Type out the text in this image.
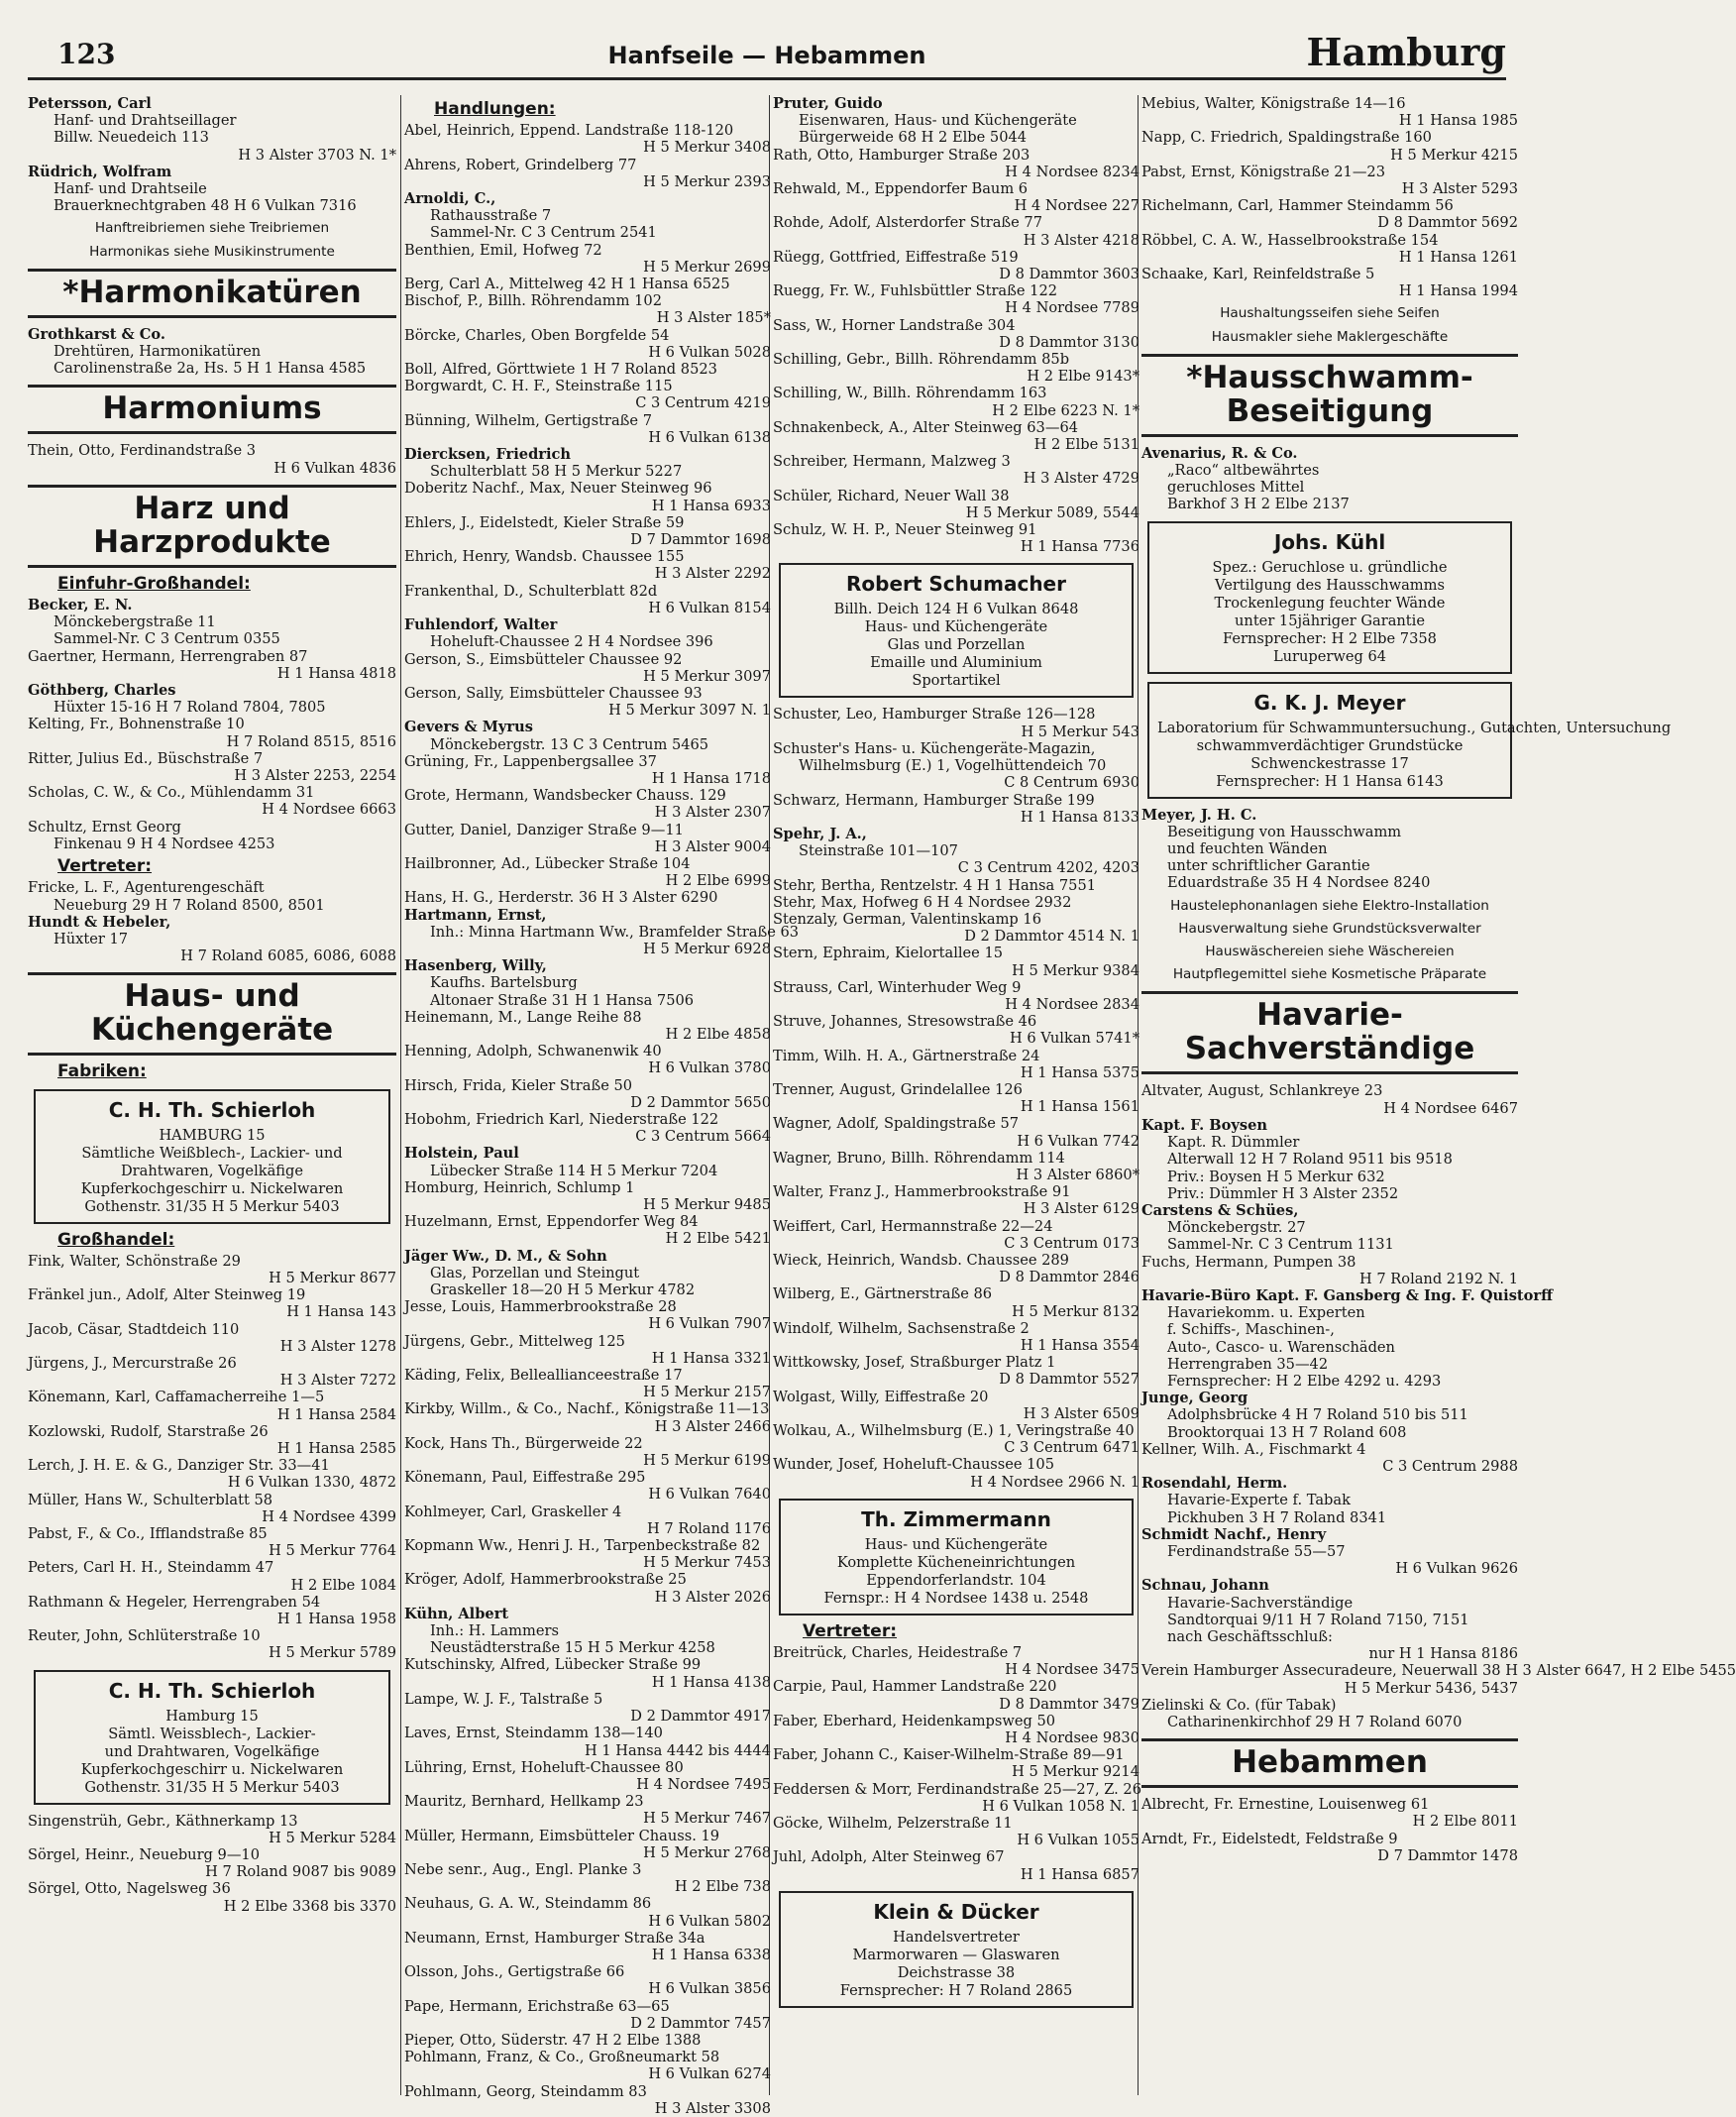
123	Hanfseile — Hebammen	Hamburg
Petersson, Carl
Hanf- und Drahtseillager
Billw. Neuedeich 113
H 3 Alster 3703 N. 1*
Rüdrich, Wolfram
Hanf- und Drahtseile
Brauerknechtgraben 48 H 6 Vulkan 7316
Hanftreibriemen siehe Treibriemen
Harmonikas siehe Musikinstrumente
*Harmonikatüren
Grothkarst & Co.
Drehtüren, Harmonikatüren
Carolinenstraße 2a, Hs. 5 H 1 Hansa 4585
Harmoniums
Thein, Otto, Ferdinandstraße 3
H 6 Vulkan 4836
Harz und
Harzprodukte
Einfuhr-Großhandel:
Becker, E. N.
Mönckebergstraße 11
Sammel-Nr. C 3 Centrum 0355
Gaertner, Hermann, Herrengraben 87
H 1 Hansa 4818
Göthberg, Charles
Hüxter 15-16 H 7 Roland 7804, 7805
Kelting, Fr., Bohnenstraße 10
H 7 Roland 8515, 8516
Ritter, Julius Ed., Büschstraße 7
H 3 Alster 2253, 2254
Scholas, C. W., & Co., Mühlendamm 31
H 4 Nordsee 6663
Schultz, Ernst Georg
Finkenau 9 H 4 Nordsee 4253
Vertreter:
Fricke, L. F., Agenturengeschäft
Neueburg 29 H 7 Roland 8500, 8501
Hundt & Hebeler,
Hüxter 17
H 7 Roland 6085, 6086, 6088
Haus- und
Küchengeräte
Fabriken:
C. H. Th. Schierloh
HAMBURG 15
Sämtliche Weißblech-, Lackier- und
Drahtwaren, Vogelkäfige
Kupferkochgeschirr u. Nickelwaren
Gothenstr. 31/35 H 5 Merkur 5403
Großhandel:
Fink, Walter, Schönstraße 29
H 5 Merkur 8677
Fränkel jun., Adolf, Alter Steinweg 19
H 1 Hansa 143
Jacob, Cäsar, Stadtdeich 110
H 3 Alster 1278
Jürgens, J., Mercurstraße 26
H 3 Alster 7272
Könemann, Karl, Caffamacherreihe 1—5
H 1 Hansa 2584
Kozlowski, Rudolf, Starstraße 26
H 1 Hansa 2585
Lerch, J. H. E. & G., Danziger Str. 33—41
H 6 Vulkan 1330, 4872
Müller, Hans W., Schulterblatt 58
H 4 Nordsee 4399
Pabst, F., & Co., Ifflandstraße 85
H 5 Merkur 7764
Peters, Carl H. H., Steindamm 47
H 2 Elbe 1084
Rathmann & Hegeler, Herrengraben 54
H 1 Hansa 1958
Reuter, John, Schlüterstraße 10
H 5 Merkur 5789
C. H. Th. Schierloh
Hamburg 15
Sämtl. Weissblech-, Lackier-
und Drahtwaren, Vogelkäfige
Kupferkochgeschirr u. Nickelwaren
Gothenstr. 31/35 H 5 Merkur 5403
Singenstrüh, Gebr., Käthnerkamp 13
H 5 Merkur 5284
Sörgel, Heinr., Neueburg 9—10
H 7 Roland 9087 bis 9089
Sörgel, Otto, Nagelsweg 36
H 2 Elbe 3368 bis 3370
Handlungen:
Abel, Heinrich, Eppend. Landstraße 118-120
H 5 Merkur 3408
Ahrens, Robert, Grindelberg 77
H 5 Merkur 2393
Arnoldi, C.,
Rathausstraße 7
Sammel-Nr. C 3 Centrum 2541
Benthien, Emil, Hofweg 72
H 5 Merkur 2699
Berg, Carl A., Mittelweg 42 H 1 Hansa 6525
Bischof, P., Billh. Röhrendamm 102
H 3 Alster 185*
Börcke, Charles, Oben Borgfelde 54
H 6 Vulkan 5028
Boll, Alfred, Görttwiete 1 H 7 Roland 8523
Borgwardt, C. H. F., Steinstraße 115
C 3 Centrum 4219
Bünning, Wilhelm, Gertigstraße 7
H 6 Vulkan 6138
Diercksen, Friedrich
Schulterblatt 58 H 5 Merkur 5227
Doberitz Nachf., Max, Neuer Steinweg 96
H 1 Hansa 6933
Ehlers, J., Eidelstedt, Kieler Straße 59
D 7 Dammtor 1698
Ehrich, Henry, Wandsb. Chaussee 155
H 3 Alster 2292
Frankenthal, D., Schulterblatt 82d
H 6 Vulkan 8154
Fuhlendorf, Walter
Hoheluft-Chaussee 2 H 4 Nordsee 396
Gerson, S., Eimsbütteler Chaussee 92
H 5 Merkur 3097
Gerson, Sally, Eimsbütteler Chaussee 93
H 5 Merkur 3097 N. 1
Gevers & Myrus
Mönckebergstr. 13 C 3 Centrum 5465
Grüning, Fr., Lappenbergsallee 37
H 1 Hansa 1718
Grote, Hermann, Wandsbecker Chauss. 129
H 3 Alster 2307
Gutter, Daniel, Danziger Straße 9—11
H 3 Alster 9004
Hailbronner, Ad., Lübecker Straße 104
H 2 Elbe 6999
Hans, H. G., Herderstr. 36 H 3 Alster 6290
Hartmann, Ernst,
Inh.: Minna Hartmann Ww., Bramfelder Straße 63
H 5 Merkur 6928
Hasenberg, Willy,
Kaufhs. Bartelsburg
Altonaer Straße 31 H 1 Hansa 7506
Heinemann, M., Lange Reihe 88
H 2 Elbe 4858
Henning, Adolph, Schwanenwik 40
H 6 Vulkan 3780
Hirsch, Frida, Kieler Straße 50
D 2 Dammtor 5650
Hobohm, Friedrich Karl, Niederstraße 122
C 3 Centrum 5664
Holstein, Paul
Lübecker Straße 114 H 5 Merkur 7204
Homburg, Heinrich, Schlump 1
H 5 Merkur 9485
Huzelmann, Ernst, Eppendorfer Weg 84
H 2 Elbe 5421
Jäger Ww., D. M., & Sohn
Glas, Porzellan und Steingut
Graskeller 18—20 H 5 Merkur 4782
Jesse, Louis, Hammerbrookstraße 28
H 6 Vulkan 7907
Jürgens, Gebr., Mittelweg 125
H 1 Hansa 3321
Käding, Felix, Belleallianceestraße 17
H 5 Merkur 2157
Kirkby, Willm., & Co., Nachf., Königstraße 11—13
H 3 Alster 2466
Kock, Hans Th., Bürgerweide 22
H 5 Merkur 6199
Könemann, Paul, Eiffestraße 295
H 6 Vulkan 7640
Kohlmeyer, Carl, Graskeller 4
H 7 Roland 1176
Kopmann Ww., Henri J. H., Tarpenbeckstraße 82
H 5 Merkur 7453
Kröger, Adolf, Hammerbrookstraße 25
H 3 Alster 2026
Kühn, Albert
Inh.: H. Lammers
Neustädterstraße 15 H 5 Merkur 4258
Kutschinsky, Alfred, Lübecker Straße 99
H 1 Hansa 4138
Lampe, W. J. F., Talstraße 5
D 2 Dammtor 4917
Laves, Ernst, Steindamm 138—140
H 1 Hansa 4442 bis 4444
Lühring, Ernst, Hoheluft-Chaussee 80
H 4 Nordsee 7495
Mauritz, Bernhard, Hellkamp 23
H 5 Merkur 7467
Müller, Hermann, Eimsbütteler Chauss. 19
H 5 Merkur 2768
Nebe senr., Aug., Engl. Planke 3
H 2 Elbe 738
Neuhaus, G. A. W., Steindamm 86
H 6 Vulkan 5802
Neumann, Ernst, Hamburger Straße 34a
H 1 Hansa 6338
Olsson, Johs., Gertigstraße 66
H 6 Vulkan 3856
Pape, Hermann, Erichstraße 63—65
D 2 Dammtor 7457
Pieper, Otto, Süderstr. 47 H 2 Elbe 1388
Pohlmann, Franz, & Co., Großneumarkt 58
H 6 Vulkan 6274
Pohlmann, Georg, Steindamm 83
H 3 Alster 3308
Pruter, Guido
Eisenwaren, Haus- und Küchengeräte
Bürgerweide 68 H 2 Elbe 5044
Rath, Otto, Hamburger Straße 203
H 4 Nordsee 8234
Rehwald, M., Eppendorfer Baum 6
H 4 Nordsee 227
Rohde, Adolf, Alsterdorfer Straße 77
H 3 Alster 4218
Rüegg, Gottfried, Eiffestraße 519
D 8 Dammtor 3603
Ruegg, Fr. W., Fuhlsbüttler Straße 122
H 4 Nordsee 7789
Sass, W., Horner Landstraße 304
D 8 Dammtor 3130
Schilling, Gebr., Billh. Röhrendamm 85b
H 2 Elbe 9143*
Schilling, W., Billh. Röhrendamm 163
H 2 Elbe 6223 N. 1*
Schnakenbeck, A., Alter Steinweg 63—64
H 2 Elbe 5131
Schreiber, Hermann, Malzweg 3
H 3 Alster 4729
Schüler, Richard, Neuer Wall 38
H 5 Merkur 5089, 5544
Schulz, W. H. P., Neuer Steinweg 91
H 1 Hansa 7736
Robert Schumacher
Billh. Deich 124 H 6 Vulkan 8648
Haus- und Küchengeräte
Glas und Porzellan
Emaille und Aluminium
Sportartikel
Schuster, Leo, Hamburger Straße 126—128
H 5 Merkur 543
Schuster's Hans- u. Küchengeräte-Magazin,
Wilhelmsburg (E.) 1, Vogelhüttendeich 70
C 8 Centrum 6930
Schwarz, Hermann, Hamburger Straße 199
H 1 Hansa 8133
Spehr, J. A.,
Steinstraße 101—107
C 3 Centrum 4202, 4203
Stehr, Bertha, Rentzelstr. 4 H 1 Hansa 7551
Stehr, Max, Hofweg 6 H 4 Nordsee 2932
Stenzaly, German, Valentinskamp 16
D 2 Dammtor 4514 N. 1
Stern, Ephraim, Kielortallee 15
H 5 Merkur 9384
Strauss, Carl, Winterhuder Weg 9
H 4 Nordsee 2834
Struve, Johannes, Stresowstraße 46
H 6 Vulkan 5741*
Timm, Wilh. H. A., Gärtnerstraße 24
H 1 Hansa 5375
Trenner, August, Grindelallee 126
H 1 Hansa 1561
Wagner, Adolf, Spaldingstraße 57
H 6 Vulkan 7742
Wagner, Bruno, Billh. Röhrendamm 114
H 3 Alster 6860*
Walter, Franz J., Hammerbrookstraße 91
H 3 Alster 6129
Weiffert, Carl, Hermannstraße 22—24
C 3 Centrum 0173
Wieck, Heinrich, Wandsb. Chaussee 289
D 8 Dammtor 2846
Wilberg, E., Gärtnerstraße 86
H 5 Merkur 8132
Windolf, Wilhelm, Sachsenstraße 2
H 1 Hansa 3554
Wittkowsky, Josef, Straßburger Platz 1
D 8 Dammtor 5527
Wolgast, Willy, Eiffestraße 20
H 3 Alster 6509
Wolkau, A., Wilhelmsburg (E.) 1, Veringstraße 40
C 3 Centrum 6471
Wunder, Josef, Hoheluft-Chaussee 105
H 4 Nordsee 2966 N. 1
Th. Zimmermann
Haus- und Küchengeräte
Komplette Kücheneinrichtungen
Eppendorferlandstr. 104
Fernspr.: H 4 Nordsee 1438 u. 2548
Vertreter:
Breitrück, Charles, Heidestraße 7
H 4 Nordsee 3475
Carpie, Paul, Hammer Landstraße 220
D 8 Dammtor 3479
Faber, Eberhard, Heidenkampsweg 50
H 4 Nordsee 9830
Faber, Johann C., Kaiser-Wilhelm-Straße 89—91
H 5 Merkur 9214
Feddersen & Morr, Ferdinandstraße 25—27, Z. 26
H 6 Vulkan 1058 N. 1
Göcke, Wilhelm, Pelzerstraße 11
H 6 Vulkan 1055
Juhl, Adolph, Alter Steinweg 67
H 1 Hansa 6857
Klein & Dücker
Handelsvertreter
Marmorwaren — Glaswaren
Deichstrasse 38
Fernsprecher: H 7 Roland 2865
Mebius, Walter, Königstraße 14—16
H 1 Hansa 1985
Napp, C. Friedrich, Spaldingstraße 160
H 5 Merkur 4215
Pabst, Ernst, Königstraße 21—23
H 3 Alster 5293
Richelmann, Carl, Hammer Steindamm 56
D 8 Dammtor 5692
Röbbel, C. A. W., Hasselbrookstraße 154
H 1 Hansa 1261
Schaake, Karl, Reinfeldstraße 5
H 1 Hansa 1994
Haushaltungsseifen siehe Seifen
Hausmakler siehe Maklergeschäfte
*Hausschwamm-
Beseitigung
Avenarius, R. & Co.
„Raco“ altbewährtes
geruchloses Mittel
Barkhof 3 H 2 Elbe 2137
Johs. Kühl
Spez.: Geruchlose u. gründliche
Vertilgung des Hausschwamms
Trockenlegung feuchter Wände
unter 15jähriger Garantie
Fernsprecher: H 2 Elbe 7358
Luruperweg 64
G. K. J. Meyer
Laboratorium für Schwammuntersuchung., Gutachten, Untersuchung
schwammverdächtiger Grundstücke
Schwenckestrasse 17
Fernsprecher: H 1 Hansa 6143
Meyer, J. H. C.
Beseitigung von Hausschwamm
und feuchten Wänden
unter schriftlicher Garantie
Eduardstraße 35 H 4 Nordsee 8240
Haustelephonanlagen siehe Elektro-Installation
Hausverwaltung siehe Grundstücksverwalter
Hauswäschereien siehe Wäschereien
Hautpflegemittel siehe Kosmetische Präparate
Havarie-
Sachverständige
Altvater, August, Schlankreye 23
H 4 Nordsee 6467
Kapt. F. Boysen
Kapt. R. Dümmler
Alterwall 12 H 7 Roland 9511 bis 9518
Priv.: Boysen H 5 Merkur 632
Priv.: Dümmler H 3 Alster 2352
Carstens & Schües,
Mönckebergstr. 27
Sammel-Nr. C 3 Centrum 1131
Fuchs, Hermann, Pumpen 38
H 7 Roland 2192 N. 1
Havarie-Büro Kapt. F. Gansberg & Ing. F. Quistorff
Havariekomm. u. Experten
f. Schiffs-, Maschinen-,
Auto-, Casco- u. Warenschäden
Herrengraben 35—42
Fernsprecher: H 2 Elbe 4292 u. 4293
Junge, Georg
Adolphsbrücke 4 H 7 Roland 510 bis 511
Brooktorquai 13 H 7 Roland 608
Kellner, Wilh. A., Fischmarkt 4
C 3 Centrum 2988
Rosendahl, Herm.
Havarie-Experte f. Tabak
Pickhuben 3 H 7 Roland 8341
Schmidt Nachf., Henry
Ferdinandstraße 55—57
H 6 Vulkan 9626
Schnau, Johann
Havarie-Sachverständige
Sandtorquai 9/11 H 7 Roland 7150, 7151
nach Geschäftsschluß:
nur H 1 Hansa 8186
Verein Hamburger Assecuradeure, Neuerwall 38 H 3 Alster 6647, H 2 Elbe 5455
H 5 Merkur 5436, 5437
Zielinski & Co. (für Tabak)
Catharinenkirchhof 29 H 7 Roland 6070
Hebammen
Albrecht, Fr. Ernestine, Louisenweg 61
H 2 Elbe 8011
Arndt, Fr., Eidelstedt, Feldstraße 9
D 7 Dammtor 1478
